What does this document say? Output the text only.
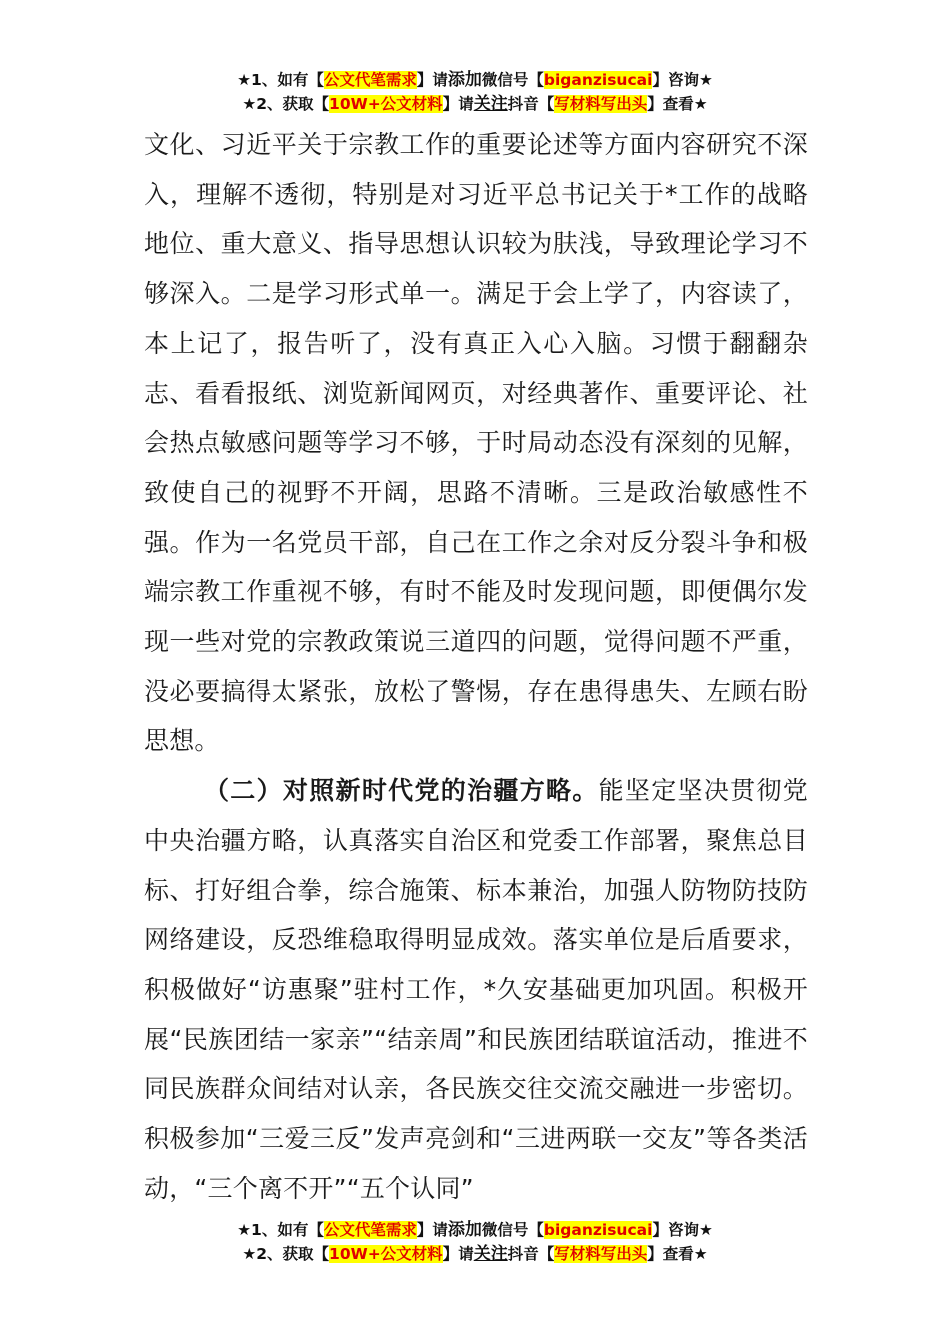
★1、如有【公文代笔需求】请添加微信号【biganzisucai】咨询★
★2、获取【10W+公文材料】请关注抖音【写材料写出头】查看★

文化、习近平关于宗教工作的重要论述等方面内容研究不深入，理解不透彻，特别是对习近平总书记关于*工作的战略地位、重大意义、指导思想认识较为肤浅，导致理论学习不够深入。二是学习形式单一。满足于会上学了，内容读了，本上记了，报告听了，没有真正入心入脑。习惯于翻翻杂志、看看报纸、浏览新闻网页，对经典著作、重要评论、社会热点敏感问题等学习不够，于时局动态没有深刻的见解，致使自己的视野不开阔，思路不清晰。三是政治敏感性不强。作为一名党员干部，自己在工作之余对反分裂斗争和极端宗教工作重视不够，有时不能及时发现问题，即便偶尔发现一些对党的宗教政策说三道四的问题，觉得问题不严重，没必要搞得太紧张，放松了警惕，存在患得患失、左顾右盼思想。

（二）对照新时代党的治疆方略。能坚定坚决贯彻党中央治疆方略，认真落实自治区和党委工作部署，聚焦总目标、打好组合拳，综合施策、标本兼治，加强人防物防技防网络建设，反恐维稳取得明显成效。落实单位是后盾要求，积极做好“访惠聚”驻村工作，*久安基础更加巩固。积极开展“民族团结一家亲”“结亲周”和民族团结联谊活动，推进不同民族群众间结对认亲，各民族交往交流交融进一步密切。积极参加“三爱三反”发声亮剑和“三进两联一交友”等各类活动，“三个离不开”“五个认同”

★1、如有【公文代笔需求】请添加微信号【biganzisucai】咨询★
★2、获取【10W+公文材料】请关注抖音【写材料写出头】查看★
